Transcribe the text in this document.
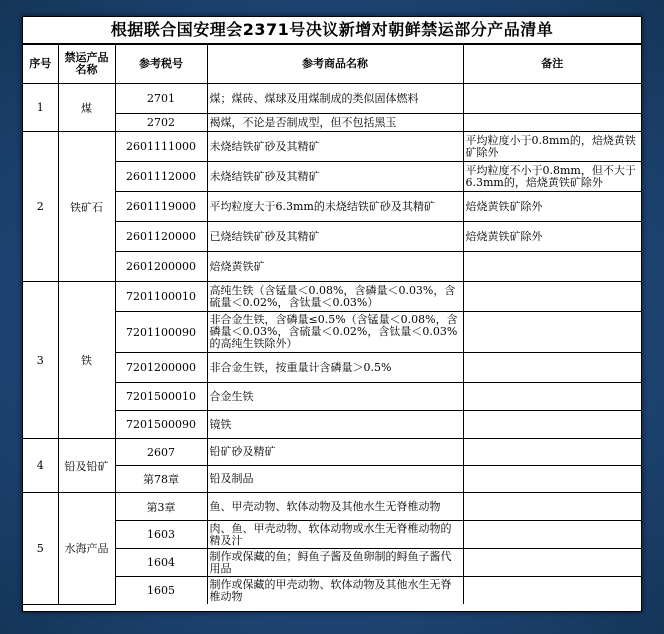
根据联合国安理会2371号决议新增对朝鲜禁运部分产品清单
序号	禁运产品名称	参考税号	参考商品名称	备注
1	煤	2701	煤；煤砖、煤球及用煤制成的类似固体燃料	
		2702	褐煤，不论是否制成型，但不包括黑玉	
2	铁矿石	2601111000	未烧结铁矿砂及其精矿	平均粒度小于0.8mm的，焙烧黄铁矿除外
		2601112000	未烧结铁矿砂及其精矿	平均粒度不小于0.8mm，但不大于6.3mm的，焙烧黄铁矿除外
		2601119000	平均粒度大于6.3mm的未烧结铁矿砂及其精矿	焙烧黄铁矿除外
		2601120000	已烧结铁矿砂及其精矿	焙烧黄铁矿除外
		2601200000	焙烧黄铁矿	
3	铁	7201100010	高纯生铁（含锰量＜0.08%，含磷量＜0.03%，含硫量＜0.02%，含钛量＜0.03%）	
		7201100090	非合金生铁，含磷量≤0.5%（含锰量＜0.08%，含磷量＜0.03%，含硫量＜0.02%，含钛量＜0.03%的高纯生铁除外）	
		7201200000	非合金生铁，按重量计含磷量＞0.5%	
		7201500010	合金生铁	
		7201500090	镜铁	
4	铅及铅矿	2607	铅矿砂及精矿	
		第78章	铅及制品	
5	水海产品	第3章	鱼、甲壳动物、软体动物及其他水生无脊椎动物	
		1603	肉、鱼、甲壳动物、软体动物或水生无脊椎动物的精及汁	
		1604	制作或保藏的鱼；鲟鱼子酱及鱼卵制的鲟鱼子酱代用品	
		1605	制作或保藏的甲壳动物、软体动物及其他水生无脊椎动物	
